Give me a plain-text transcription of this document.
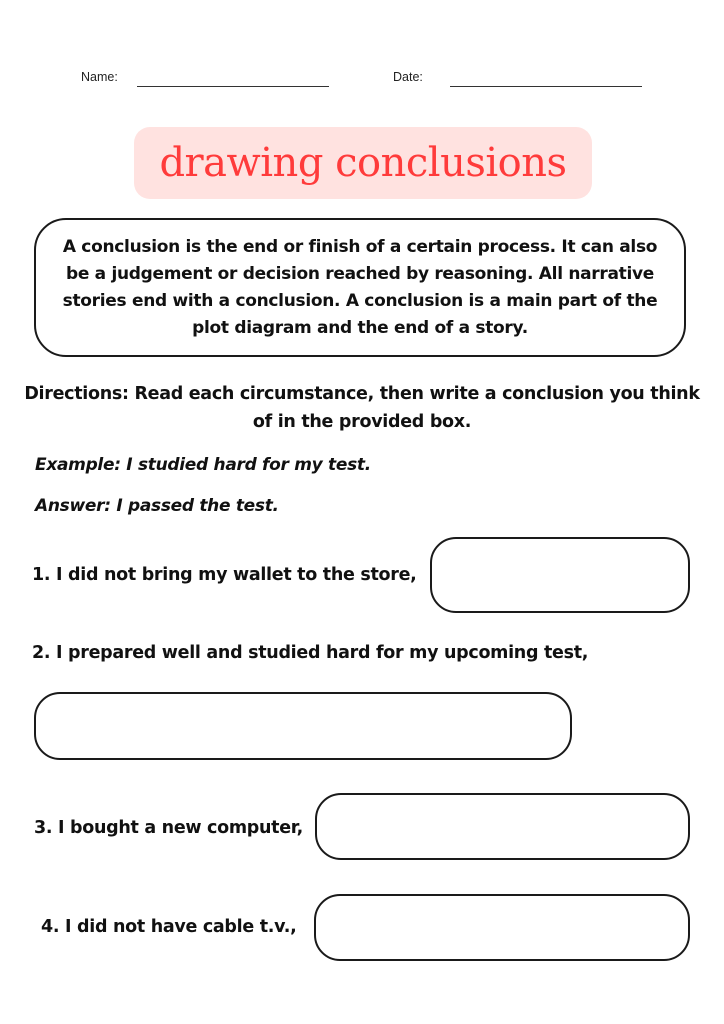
Name:	Date:
drawing conclusions
A conclusion is the end or finish of a certain process. It can also be a judgement or decision reached by reasoning. All narrative stories end with a conclusion. A conclusion is a main part of the plot diagram and the end of a story.
Directions: Read each circumstance, then write a conclusion you think of in the provided box.
Example: I studied hard for my test.
Answer: I passed the test.
1. I did not bring my wallet to the store,
2. I prepared well and studied hard for my upcoming test,
3. I bought a new computer,
4. I did not have cable t.v.,
